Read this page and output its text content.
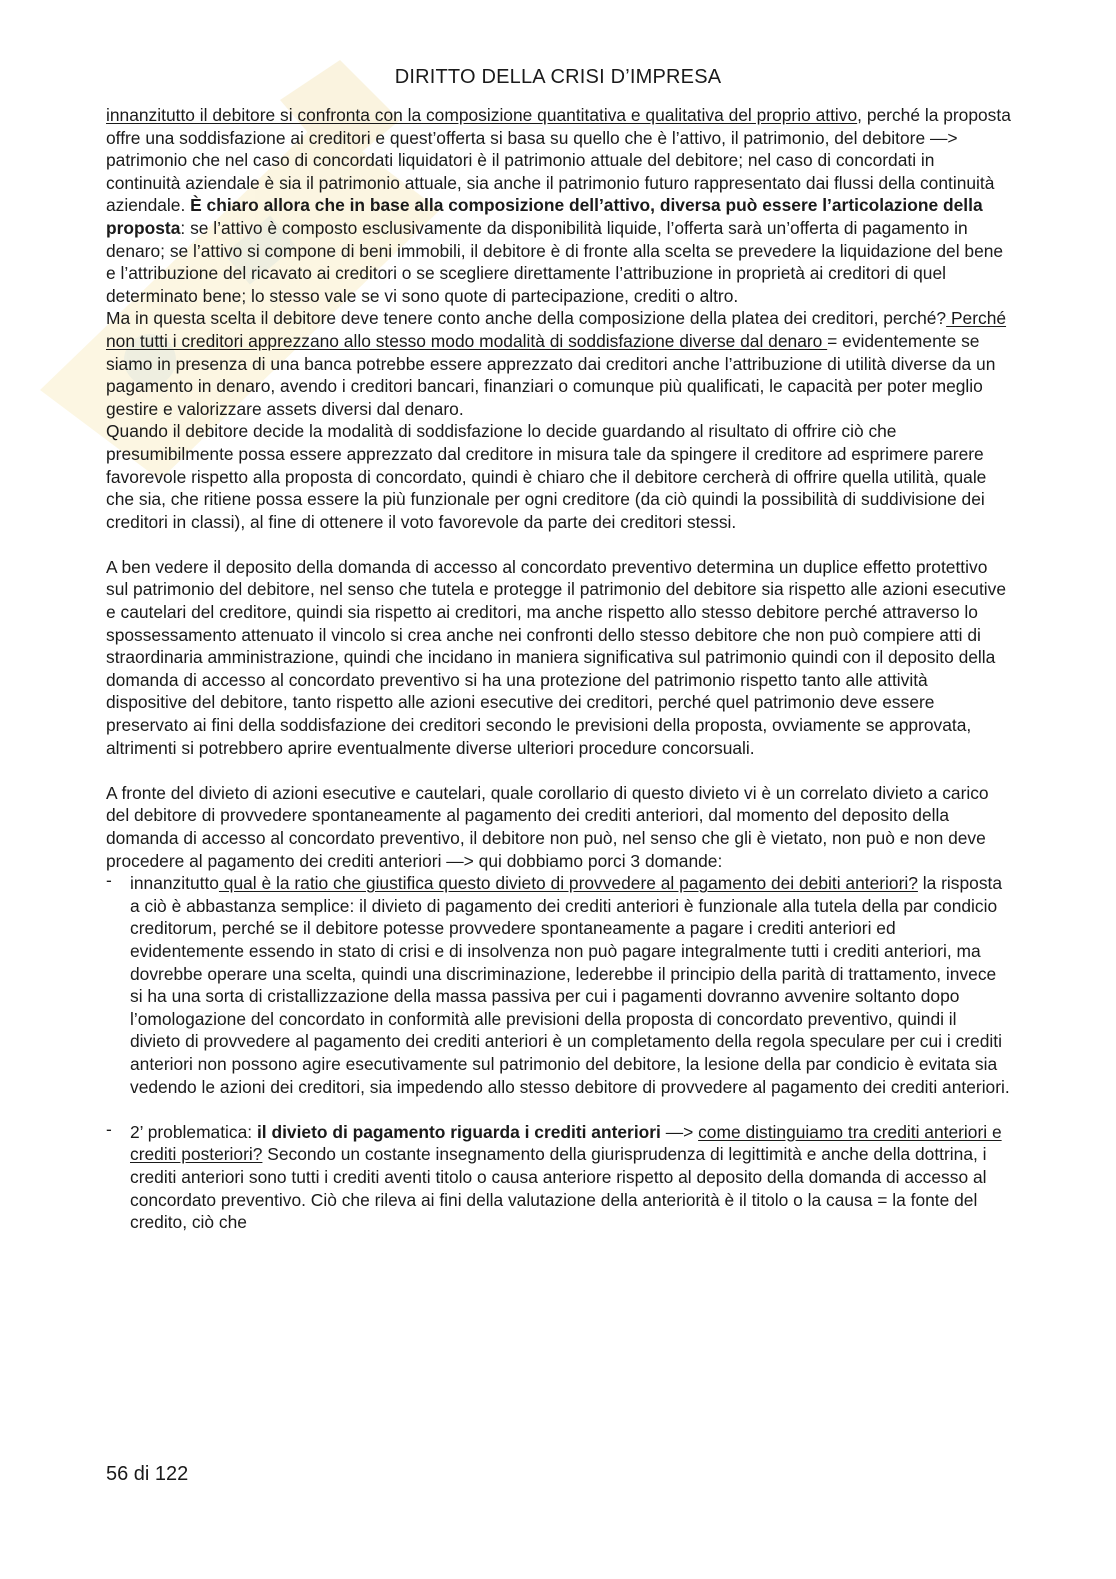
DIRITTO DELLA CRISI D’IMPRESA

innanzitutto il debitore si confronta con la composizione quantitativa e qualitativa del proprio attivo, perché la proposta offre una soddisfazione ai creditori e quest’offerta si basa su quello che è l’attivo, il patrimonio, del debitore —> patrimonio che nel caso di concordati liquidatori è il patrimonio attuale del debitore; nel caso di concordati in continuità aziendale è sia il patrimonio attuale, sia anche il patrimonio futuro rappresentato dai flussi della continuità aziendale. È chiaro allora che in base alla composizione dell’attivo, diversa può essere l’articolazione della proposta: se l’attivo è composto esclusivamente da disponibilità liquide, l’offerta sarà un’offerta di pagamento in denaro; se l’attivo si compone di beni immobili, il debitore è di fronte alla scelta se prevedere la liquidazione del bene e l’attribuzione del ricavato ai creditori o se scegliere direttamente l’attribuzione in proprietà ai creditori di quel determinato bene; lo stesso vale se vi sono quote di partecipazione, crediti o altro.

Ma in questa scelta il debitore deve tenere conto anche della composizione della platea dei creditori, perché? Perché non tutti i creditori apprezzano allo stesso modo modalità di soddisfazione diverse dal denaro = evidentemente se siamo in presenza di una banca potrebbe essere apprezzato dai creditori anche l’attribuzione di utilità diverse da un pagamento in denaro, avendo i creditori bancari, finanziari o comunque più qualificati, le capacità per poter meglio gestire e valorizzare assets diversi dal denaro.

Quando il debitore decide la modalità di soddisfazione lo decide guardando al risultato di offrire ciò che presumibilmente possa essere apprezzato dal creditore in misura tale da spingere il creditore ad esprimere parere favorevole rispetto alla proposta di concordato, quindi è chiaro che il debitore cercherà di offrire quella utilità, quale che sia, che ritiene possa essere la più funzionale per ogni creditore (da ciò quindi la possibilità di suddivisione dei creditori in classi), al fine di ottenere il voto favorevole da parte dei creditori stessi.

A ben vedere il deposito della domanda di accesso al concordato preventivo determina un duplice effetto protettivo sul patrimonio del debitore, nel senso che tutela e protegge il patrimonio del debitore sia rispetto alle azioni esecutive e cautelari del creditore, quindi sia rispetto ai creditori, ma anche rispetto allo stesso debitore perché attraverso lo spossessamento attenuato il vincolo si crea anche nei confronti dello stesso debitore che non può compiere atti di straordinaria amministrazione, quindi che incidano in maniera significativa sul patrimonio quindi con il deposito della domanda di accesso al concordato preventivo si ha una protezione del patrimonio rispetto tanto alle attività dispositive del debitore, tanto rispetto alle azioni esecutive dei creditori, perché quel patrimonio deve essere preservato ai fini della soddisfazione dei creditori secondo le previsioni della proposta, ovviamente se approvata, altrimenti si potrebbero aprire eventualmente diverse ulteriori procedure concorsuali.

A fronte del divieto di azioni esecutive e cautelari, quale corollario di questo divieto vi è un correlato divieto a carico del debitore di provvedere spontaneamente al pagamento dei crediti anteriori, dal momento del deposito della domanda di accesso al concordato preventivo, il debitore non può, nel senso che gli è vietato, non può e non deve procedere al pagamento dei crediti anteriori —> qui dobbiamo porci 3 domande:

- innanzitutto qual è la ratio che giustifica questo divieto di provvedere al pagamento dei debiti anteriori? la risposta a ciò è abbastanza semplice: il divieto di pagamento dei crediti anteriori è funzionale alla tutela della par condicio creditorum, perché se il debitore potesse provvedere spontaneamente a pagare i crediti anteriori ed evidentemente essendo in stato di crisi e di insolvenza non può pagare integralmente tutti i crediti anteriori, ma dovrebbe operare una scelta, quindi una discriminazione, lederebbe il principio della parità di trattamento, invece si ha una sorta di cristallizzazione della massa passiva per cui i pagamenti dovranno avvenire soltanto dopo l’omologazione del concordato in conformità alle previsioni della proposta di concordato preventivo, quindi il divieto di provvedere al pagamento dei crediti anteriori è un completamento della regola speculare per cui i crediti anteriori non possono agire esecutivamente sul patrimonio del debitore, la lesione della par condicio è evitata sia vedendo le azioni dei creditori, sia impedendo allo stesso debitore di provvedere al pagamento dei crediti anteriori.

- 2’ problematica: il divieto di pagamento riguarda i crediti anteriori —> come distinguiamo tra crediti anteriori e crediti posteriori? Secondo un costante insegnamento della giurisprudenza di legittimità e anche della dottrina, i crediti anteriori sono tutti i crediti aventi titolo o causa anteriore rispetto al deposito della domanda di accesso al concordato preventivo. Ciò che rileva ai fini della valutazione della anteriorità è il titolo o la causa = la fonte del credito, ciò che

56 di 122
